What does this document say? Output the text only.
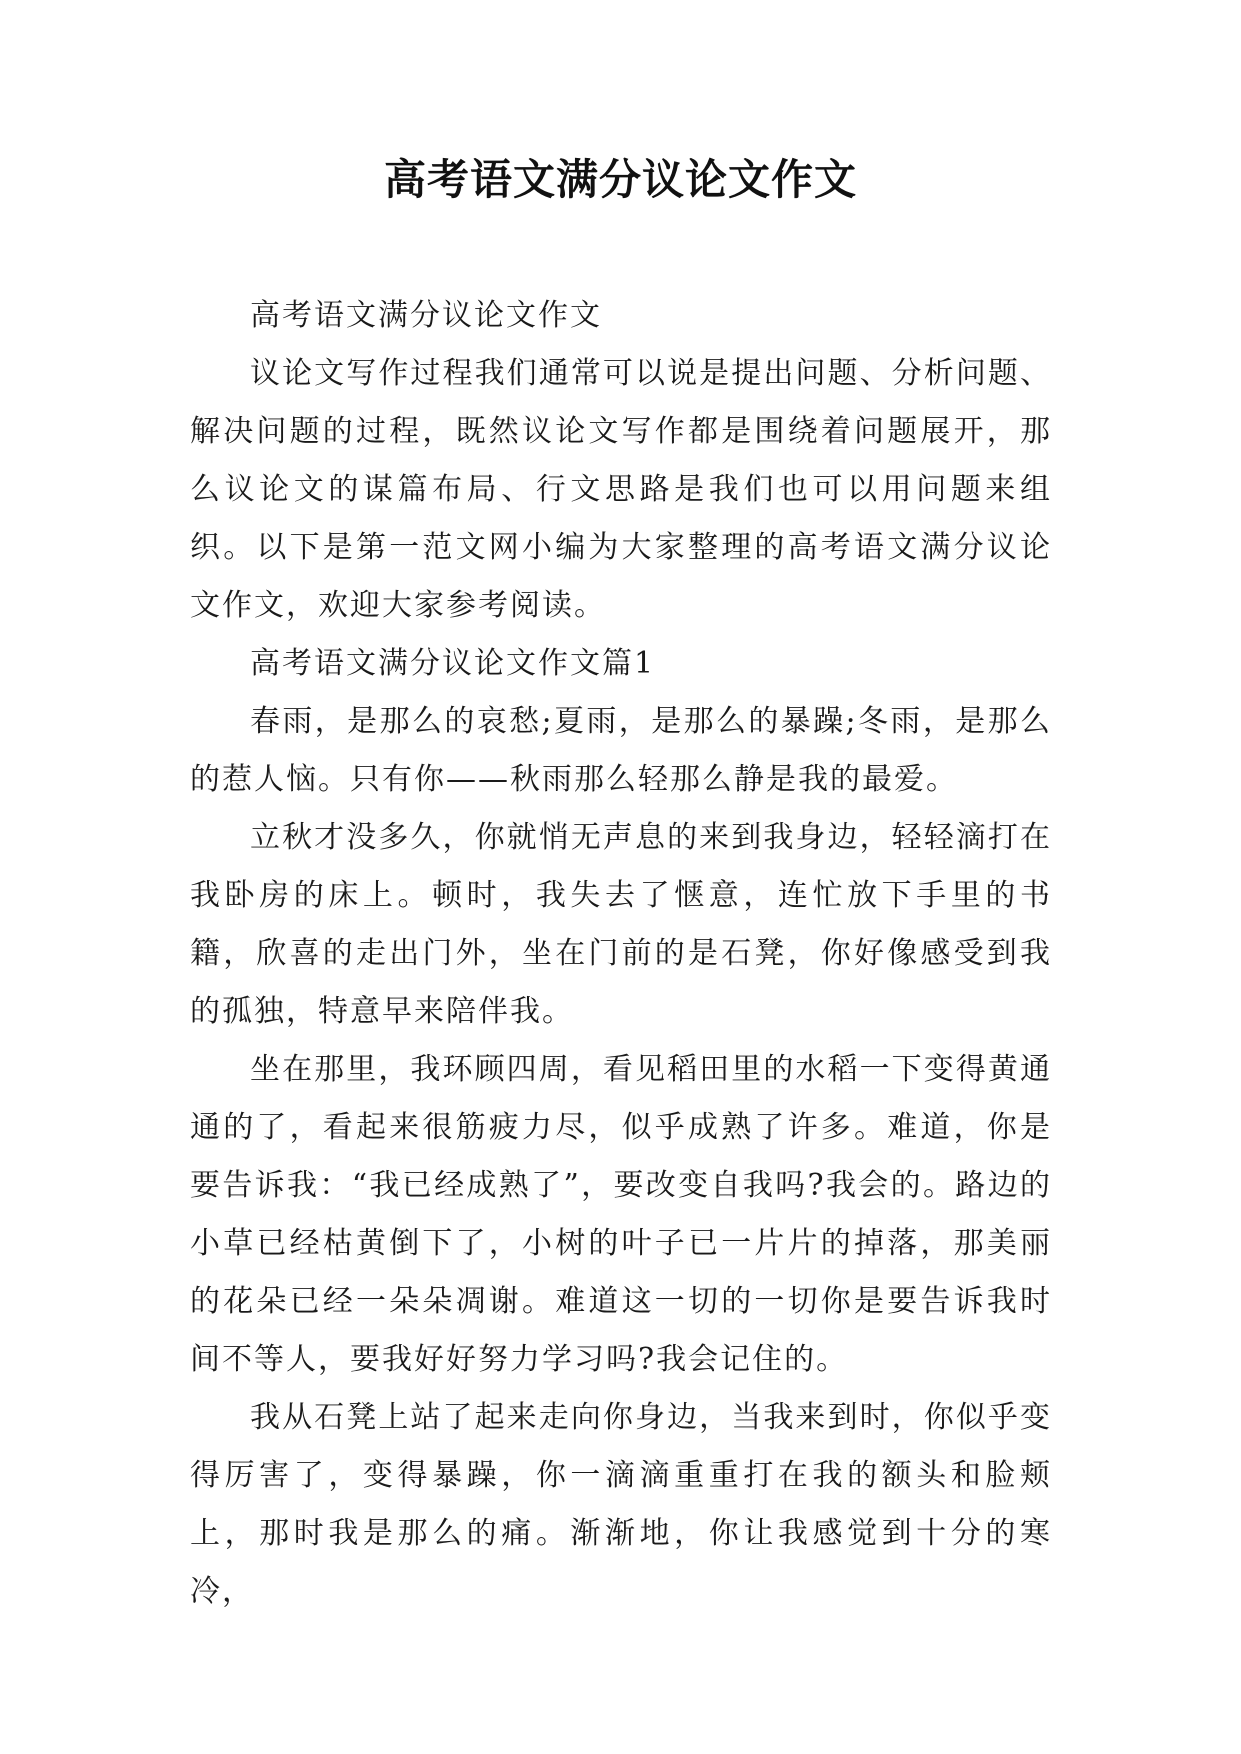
高考语文满分议论文作文

高考语文满分议论文作文

议论文写作过程我们通常可以说是提出问题、分析问题、解决问题的过程，既然议论文写作都是围绕着问题展开，那么议论文的谋篇布局、行文思路是我们也可以用问题来组织。以下是第一范文网小编为大家整理的高考语文满分议论文作文，欢迎大家参考阅读。

高考语文满分议论文作文篇1

春雨，是那么的哀愁;夏雨，是那么的暴躁;冬雨，是那么的惹人恼。只有你——秋雨那么轻那么静是我的最爱。

立秋才没多久，你就悄无声息的来到我身边，轻轻滴打在我卧房的床上。顿时，我失去了惬意，连忙放下手里的书籍，欣喜的走出门外，坐在门前的是石凳，你好像感受到我的孤独，特意早来陪伴我。

坐在那里，我环顾四周，看见稻田里的水稻一下变得黄通通的了，看起来很筋疲力尽，似乎成熟了许多。难道，你是要告诉我：“我已经成熟了”，要改变自我吗?我会的。路边的小草已经枯黄倒下了，小树的叶子已一片片的掉落，那美丽的花朵已经一朵朵凋谢。难道这一切的一切你是要告诉我时间不等人，要我好好努力学习吗?我会记住的。

我从石凳上站了起来走向你身边，当我来到时，你似乎变得厉害了，变得暴躁，你一滴滴重重打在我的额头和脸颊上，那时我是那么的痛。渐渐地，你让我感觉到十分的寒冷，
